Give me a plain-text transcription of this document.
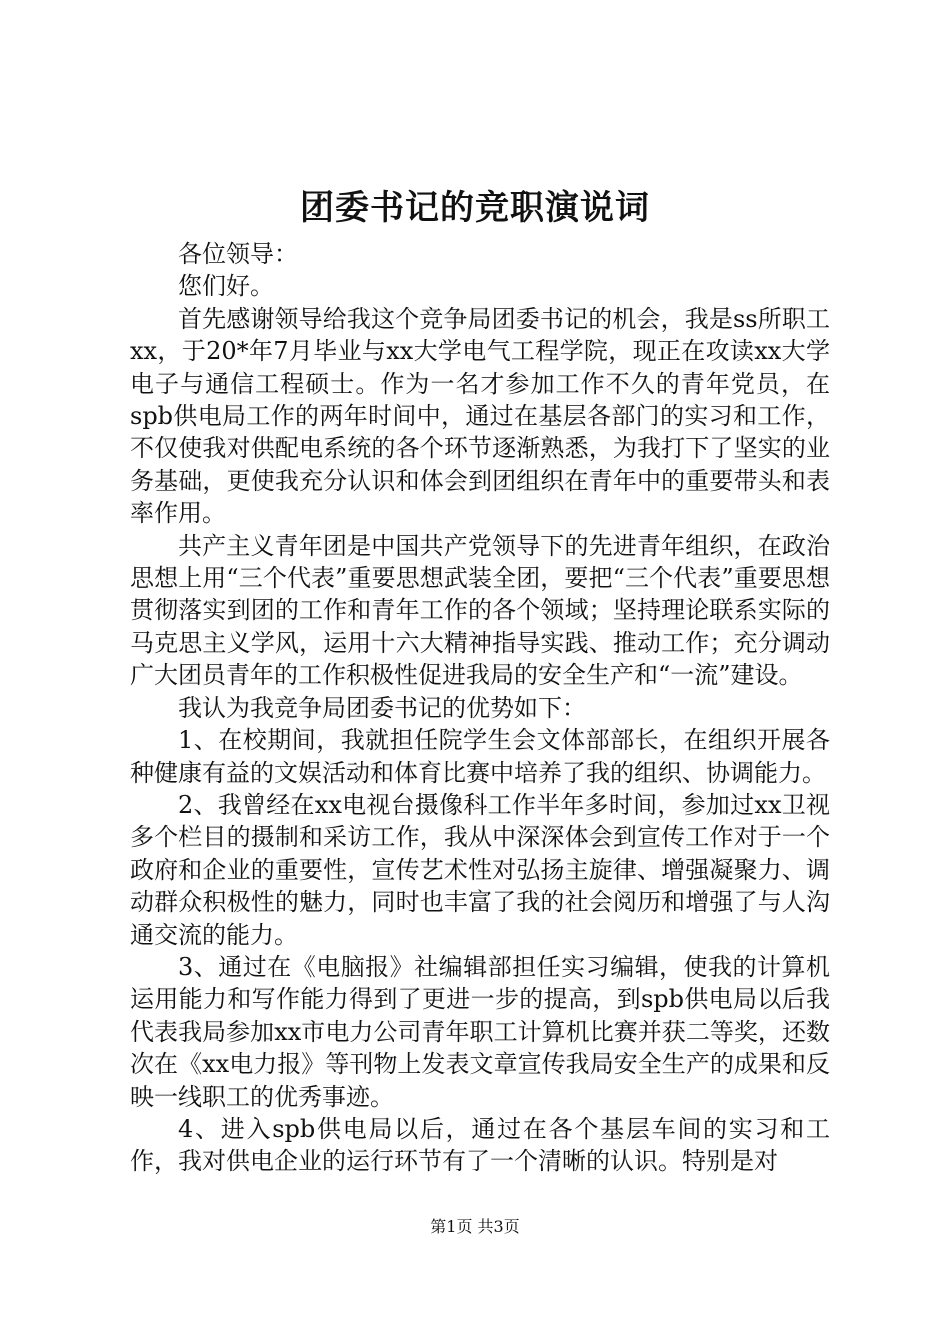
团委书记的竞职演说词

各位领导：

您们好。

首先感谢领导给我这个竞争局团委书记的机会，我是ss所职工xx，于20*年7月毕业与xx大学电气工程学院，现正在攻读xx大学电子与通信工程硕士。作为一名才参加工作不久的青年党员，在spb供电局工作的两年时间中，通过在基层各部门的实习和工作，不仅使我对供配电系统的各个环节逐渐熟悉，为我打下了坚实的业务基础，更使我充分认识和体会到团组织在青年中的重要带头和表率作用。

共产主义青年团是中国共产党领导下的先进青年组织，在政治思想上用“三个代表”重要思想武装全团，要把“三个代表”重要思想贯彻落实到团的工作和青年工作的各个领域；坚持理论联系实际的马克思主义学风，运用十六大精神指导实践、推动工作；充分调动广大团员青年的工作积极性促进我局的安全生产和“一流”建设。

我认为我竞争局团委书记的优势如下：

1、在校期间，我就担任院学生会文体部部长，在组织开展各种健康有益的文娱活动和体育比赛中培养了我的组织、协调能力。

2、我曾经在xx电视台摄像科工作半年多时间，参加过xx卫视多个栏目的摄制和采访工作，我从中深深体会到宣传工作对于一个政府和企业的重要性，宣传艺术性对弘扬主旋律、增强凝聚力、调动群众积极性的魅力，同时也丰富了我的社会阅历和增强了与人沟通交流的能力。

3、通过在《电脑报》社编辑部担任实习编辑，使我的计算机运用能力和写作能力得到了更进一步的提高，到spb供电局以后我代表我局参加xx市电力公司青年职工计算机比赛并获二等奖，还数次在《xx电力报》等刊物上发表文章宣传我局安全生产的成果和反映一线职工的优秀事迹。

4、进入spb供电局以后，通过在各个基层车间的实习和工作，我对供电企业的运行环节有了一个清晰的认识。特别是对

第1页 共3页
